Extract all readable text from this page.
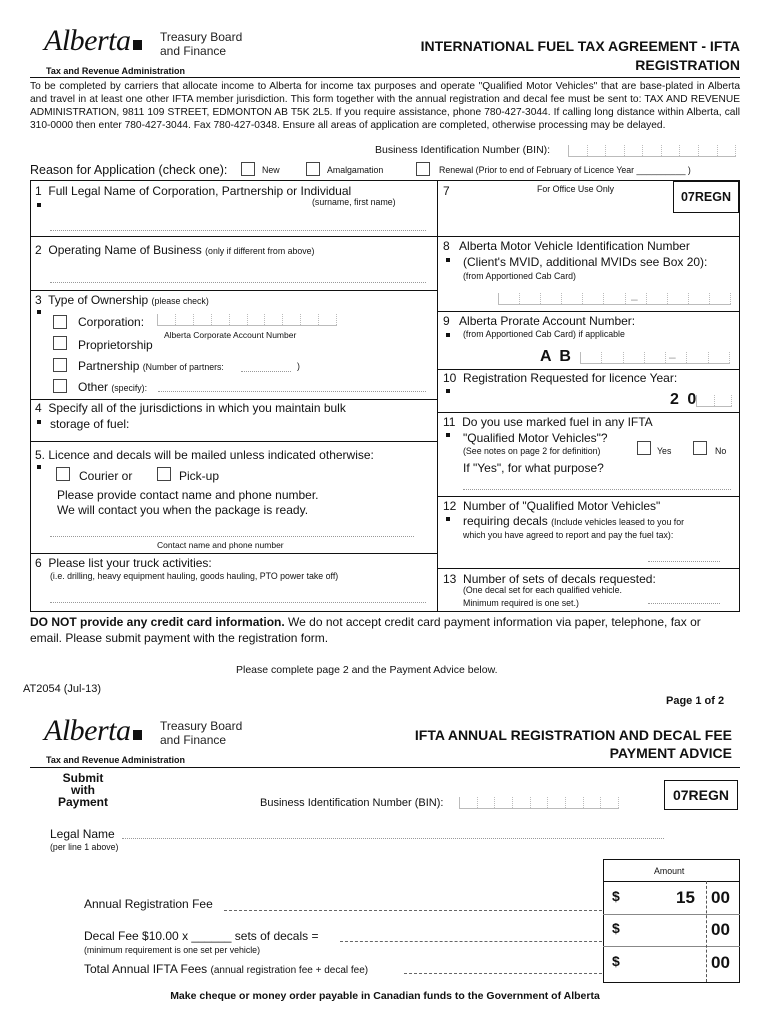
Alberta	Treasury Board
and Finance
Tax and Revenue Administration
INTERNATIONAL FUEL TAX AGREEMENT - IFTA
REGISTRATION
To be completed by carriers that allocate income to Alberta for income tax purposes and operate "Qualified Motor Vehicles" that are base-plated in Alberta and travel in at least one other IFTA member jurisdiction. This form together with the annual registration and decal fee must be sent to: TAX AND REVENUE ADMINISTRATION, 9811 109 STREET, EDMONTON AB T5K 2L5. If you require assistance, phone 780-427-3044. If calling long distance within Alberta, call 310-0000 then enter 780-427-3044. Fax 780-427-0348. Ensure all areas of application are completed, otherwise processing may be delayed.
Business Identification Number (BIN):
Reason for Application (check one):	New	Amalgamation	Renewal (Prior to end of February of Licence Year __________ )
1 Full Legal Name of Corporation, Partnership or Individual
(surname, first name)
2 Operating Name of Business (only if different from above)
3 Type of Ownership (please check)
Corporation:
Alberta Corporate Account Number
Proprietorship
Partnership (Number of partners:	)
Other (specify):
4 Specify all of the jurisdictions in which you maintain bulk
storage of fuel:
5. Licence and decals will be mailed unless indicated otherwise:
Courier or	Pick-up
Please provide contact name and phone number.
We will contact you when the package is ready.
Contact name and phone number
6 Please list your truck activities:
(i.e. drilling, heavy equipment hauling, goods hauling, PTO power take off)
7	For Office Use Only
07REGN
8 Alberta Motor Vehicle Identification Number
(Client's MVID, additional MVIDs see Box 20):
(from Apportioned Cab Card)
–
9 Alberta Prorate Account Number:
(from Apportioned Cab Card) if applicable
A B	–
10 Registration Requested for licence Year:
2 0
11 Do you use marked fuel in any IFTA
"Qualified Motor Vehicles"?
(See notes on page 2 for definition)	Yes	No
If "Yes", for what purpose?
12 Number of "Qualified Motor Vehicles"
requiring decals (Include vehicles leased to you for
which you have agreed to report and pay the fuel tax):
13 Number of sets of decals requested:
(One decal set for each qualified vehicle.
Minimum required is one set.)
DO NOT provide any credit card information. We do not accept credit card payment information via paper, telephone, fax or
email. Please submit payment with the registration form.
Please complete page 2 and the Payment Advice below.
AT2054 (Jul-13)
Page 1 of 2
Alberta	Treasury Board
and Finance
Tax and Revenue Administration
IFTA ANNUAL REGISTRATION AND DECAL FEE
PAYMENT ADVICE
Submit
with
Payment	Business Identification Number (BIN):	07REGN
Legal Name
(per line 1 above)
Amount
Annual Registration Fee	$	15 00
Decal Fee $10.00 x ______ sets of decals =
(minimum requirement is one set per vehicle)
$	00
Total Annual IFTA Fees (annual registration fee + decal fee)
$	00
Make cheque or money order payable in Canadian funds to the Government of Alberta
